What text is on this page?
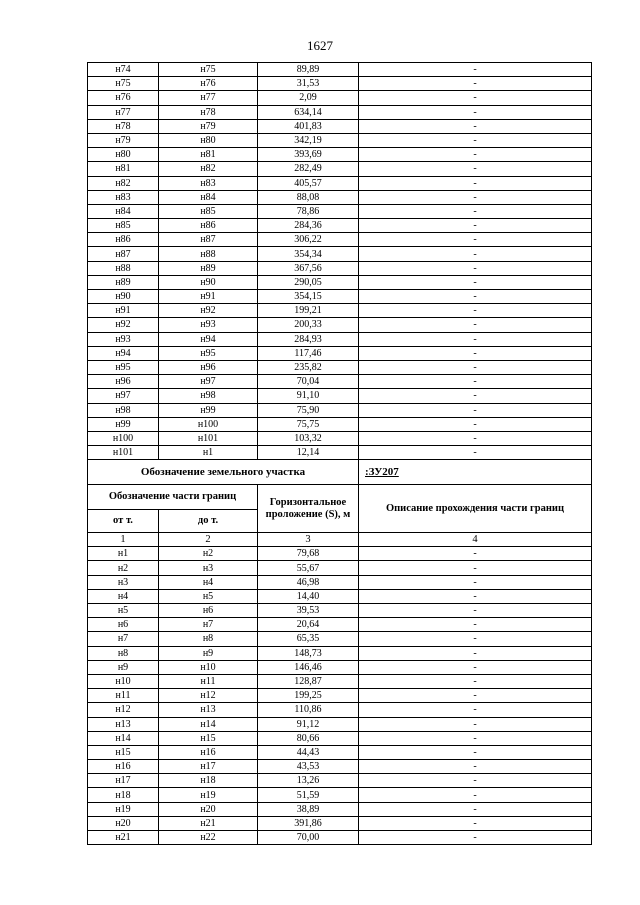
1627
н74	н75	89,89	-
н75	н76	31,53	-
н76	н77	2,09	-
н77	н78	634,14	-
н78	н79	401,83	-
н79	н80	342,19	-
н80	н81	393,69	-
н81	н82	282,49	-
н82	н83	405,57	-
н83	н84	88,08	-
н84	н85	78,86	-
н85	н86	284,36	-
н86	н87	306,22	-
н87	н88	354,34	-
н88	н89	367,56	-
н89	н90	290,05	-
н90	н91	354,15	-
н91	н92	199,21	-
н92	н93	200,33	-
н93	н94	284,93	-
н94	н95	117,46	-
н95	н96	235,82	-
н96	н97	70,04	-
н97	н98	91,10	-
н98	н99	75,90	-
н99	н100	75,75	-
н100	н101	103,32	-
н101	н1	12,14	-
Обозначение земельного участка			:ЗУ207
Обозначение части границ		Горизонтальное проложение (S), м	Описание прохождения части границ
от т.	до т.		
1	2	3	4
н1	н2	79,68	-
н2	н3	55,67	-
н3	н4	46,98	-
н4	н5	14,40	-
н5	н6	39,53	-
н6	н7	20,64	-
н7	н8	65,35	-
н8	н9	148,73	-
н9	н10	146,46	-
н10	н11	128,87	-
н11	н12	199,25	-
н12	н13	110,86	-
н13	н14	91,12	-
н14	н15	80,66	-
н15	н16	44,43	-
н16	н17	43,53	-
н17	н18	13,26	-
н18	н19	51,59	-
н19	н20	38,89	-
н20	н21	391,86	-
н21	н22	70,00	-
